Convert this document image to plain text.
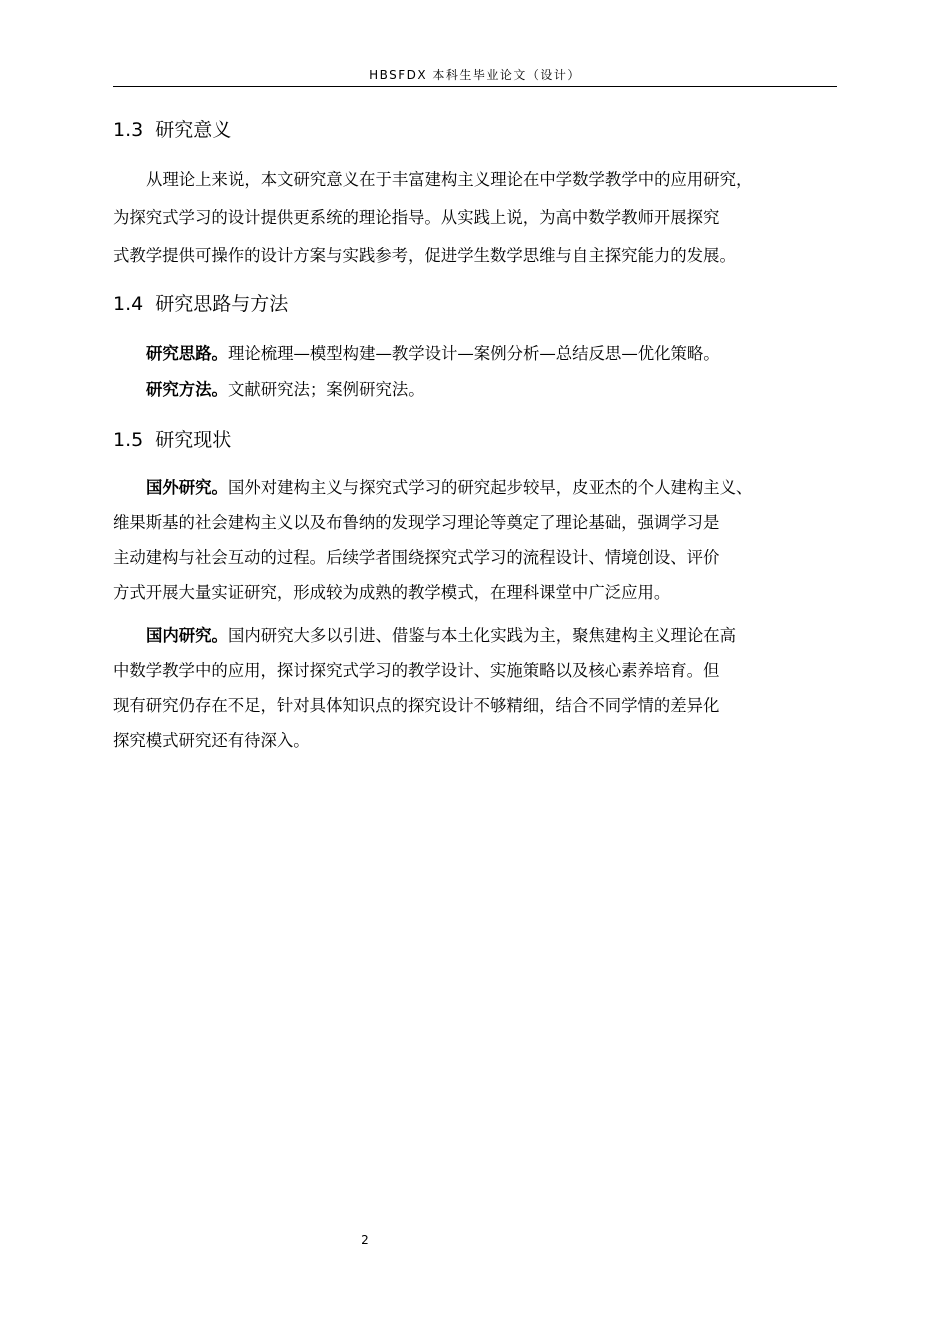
HBSFDX 本科生毕业论文（设计）
1.3 研究意义
从理论上来说，本文研究意义在于丰富建构主义理论在中学数学教学中的应用研究，
为探究式学习的设计提供更系统的理论指导。从实践上说，为高中数学教师开展探究
式教学提供可操作的设计方案与实践参考，促进学生数学思维与自主探究能力的发展。
1.4 研究思路与方法
研究思路。理论梳理—模型构建—教学设计—案例分析—总结反思—优化策略。
研究方法。文献研究法；案例研究法。
1.5 研究现状
国外研究。国外对建构主义与探究式学习的研究起步较早，皮亚杰的个人建构主义、
维果斯基的社会建构主义以及布鲁纳的发现学习理论等奠定了理论基础，强调学习是
主动建构与社会互动的过程。后续学者围绕探究式学习的流程设计、情境创设、评价
方式开展大量实证研究，形成较为成熟的教学模式，在理科课堂中广泛应用。
国内研究。国内研究大多以引进、借鉴与本土化实践为主，聚焦建构主义理论在高
中数学教学中的应用，探讨探究式学习的教学设计、实施策略以及核心素养培育。但
现有研究仍存在不足，针对具体知识点的探究设计不够精细，结合不同学情的差异化
探究模式研究还有待深入。
2
